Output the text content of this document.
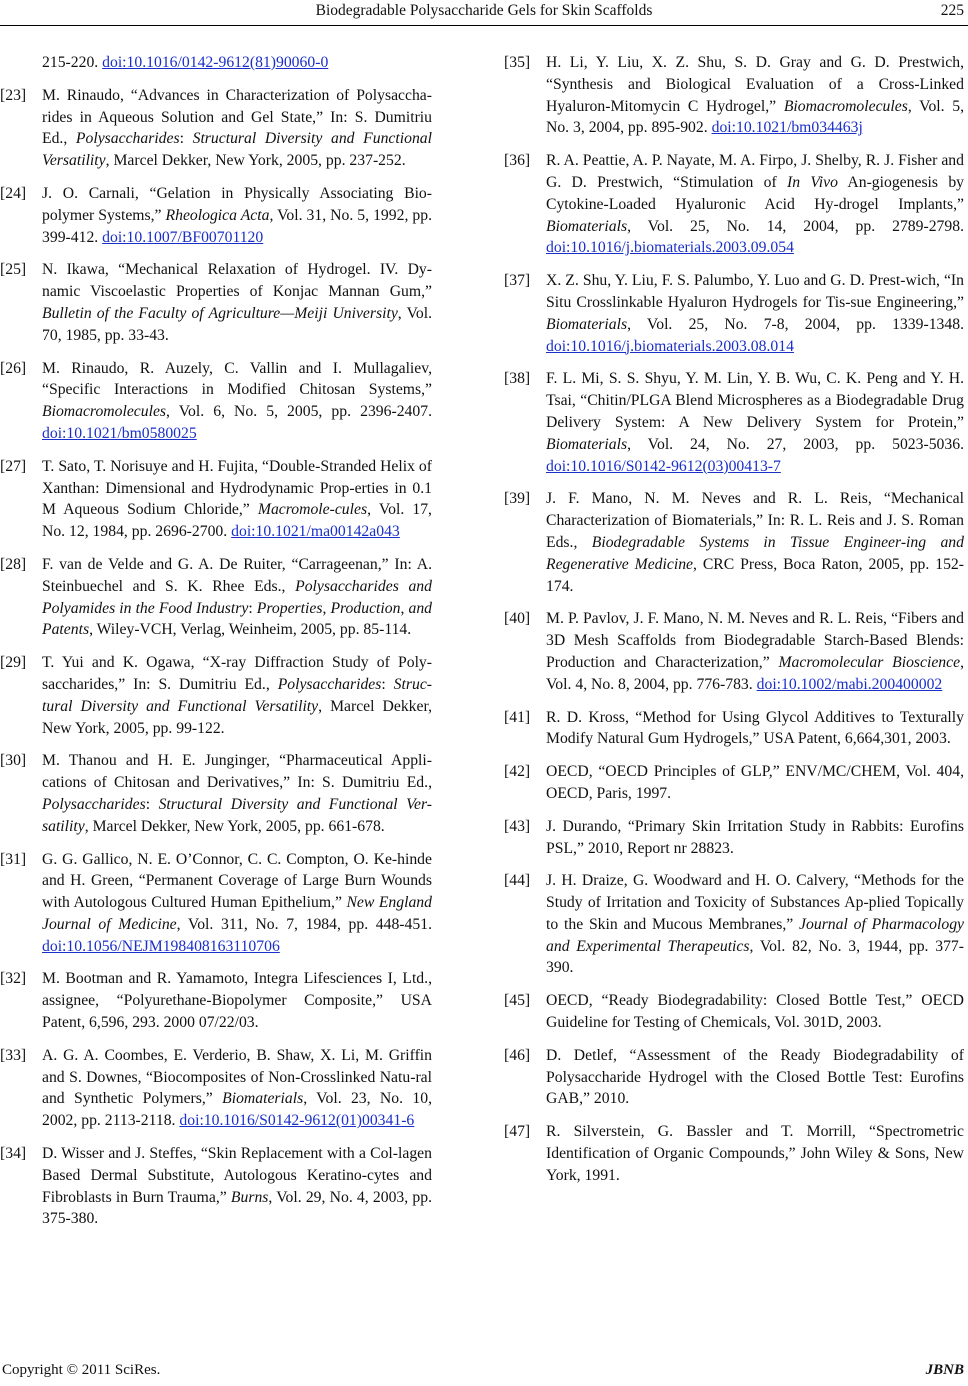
Biodegradable Polysaccharide Gels for Skin Scaffolds	225
215-220. doi:10.1016/0142-9612(81)90060-0
[23] M. Rinaudo, “Advances in Characterization of Polysaccha-rides in Aqueous Solution and Gel State,” In: S. Dumitriu Ed., Polysaccharides: Structural Diversity and Functional Versatility, Marcel Dekker, New York, 2005, pp. 237-252.
[24] J. O. Carnali, “Gelation in Physically Associating Bio-polymer Systems,” Rheologica Acta, Vol. 31, No. 5, 1992, pp. 399-412. doi:10.1007/BF00701120
[25] N. Ikawa, “Mechanical Relaxation of Hydrogel. IV. Dy-namic Viscoelastic Properties of Konjac Mannan Gum,” Bulletin of the Faculty of Agriculture—Meiji University, Vol. 70, 1985, pp. 33-43.
[26] M. Rinaudo, R. Auzely, C. Vallin and I. Mullagaliev, “Specific Interactions in Modified Chitosan Systems,” Biomacromolecules, Vol. 6, No. 5, 2005, pp. 2396-2407. doi:10.1021/bm0580025
[27] T. Sato, T. Norisuye and H. Fujita, “Double-Stranded Helix of Xanthan: Dimensional and Hydrodynamic Prop-erties in 0.1 M Aqueous Sodium Chloride,” Macromole-cules, Vol. 17, No. 12, 1984, pp. 2696-2700. doi:10.1021/ma00142a043
[28] F. van de Velde and G. A. De Ruiter, “Carrageenan,” In: A. Steinbuechel and S. K. Rhee Eds., Polysaccharides and Polyamides in the Food Industry: Properties, Production, and Patents, Wiley-VCH, Verlag, Weinheim, 2005, pp. 85-114.
[29] T. Yui and K. Ogawa, “X-ray Diffraction Study of Poly-saccharides,” In: S. Dumitriu Ed., Polysaccharides: Struc-tural Diversity and Functional Versatility, Marcel Dekker, New York, 2005, pp. 99-122.
[30] M. Thanou and H. E. Junginger, “Pharmaceutical Appli-cations of Chitosan and Derivatives,” In: S. Dumitriu Ed., Polysaccharides: Structural Diversity and Functional Ver-satility, Marcel Dekker, New York, 2005, pp. 661-678.
[31] G. G. Gallico, N. E. O’Connor, C. C. Compton, O. Ke-hinde and H. Green, “Permanent Coverage of Large Burn Wounds with Autologous Cultured Human Epithelium,” New England Journal of Medicine, Vol. 311, No. 7, 1984, pp. 448-451. doi:10.1056/NEJM198408163110706
[32] M. Bootman and R. Yamamoto, Integra Lifesciences I, Ltd., assignee, “Polyurethane-Biopolymer Composite,” USA Patent, 6,596, 293. 2000 07/22/03.
[33] A. G. A. Coombes, E. Verderio, B. Shaw, X. Li, M. Griffin and S. Downes, “Biocomposites of Non-Crosslinked Natu-ral and Synthetic Polymers,” Biomaterials, Vol. 23, No. 10, 2002, pp. 2113-2118. doi:10.1016/S0142-9612(01)00341-6
[34] D. Wisser and J. Steffes, “Skin Replacement with a Col-lagen Based Dermal Substitute, Autologous Keratino-cytes and Fibroblasts in Burn Trauma,” Burns, Vol. 29, No. 4, 2003, pp. 375-380.
[35] H. Li, Y. Liu, X. Z. Shu, S. D. Gray and G. D. Prestwich, “Synthesis and Biological Evaluation of a Cross-Linked Hyaluron-Mitomycin C Hydrogel,” Biomacromolecules, Vol. 5, No. 3, 2004, pp. 895-902. doi:10.1021/bm034463j
[36] R. A. Peattie, A. P. Nayate, M. A. Firpo, J. Shelby, R. J. Fisher and G. D. Prestwich, “Stimulation of In Vivo An-giogenesis by Cytokine-Loaded Hyaluronic Acid Hy-drogel Implants,” Biomaterials, Vol. 25, No. 14, 2004, pp. 2789-2798. doi:10.1016/j.biomaterials.2003.09.054
[37] X. Z. Shu, Y. Liu, F. S. Palumbo, Y. Luo and G. D. Prest-wich, “In Situ Crosslinkable Hyaluron Hydrogels for Tis-sue Engineering,” Biomaterials, Vol. 25, No. 7-8, 2004, pp. 1339-1348. doi:10.1016/j.biomaterials.2003.08.014
[38] F. L. Mi, S. S. Shyu, Y. M. Lin, Y. B. Wu, C. K. Peng and Y. H. Tsai, “Chitin/PLGA Blend Microspheres as a Biodegradable Drug Delivery System: A New Delivery System for Protein,” Biomaterials, Vol. 24, No. 27, 2003, pp. 5023-5036. doi:10.1016/S0142-9612(03)00413-7
[39] J. F. Mano, N. M. Neves and R. L. Reis, “Mechanical Characterization of Biomaterials,” In: R. L. Reis and J. S. Roman Eds., Biodegradable Systems in Tissue Engineer-ing and Regenerative Medicine, CRC Press, Boca Raton, 2005, pp. 152-174.
[40] M. P. Pavlov, J. F. Mano, N. M. Neves and R. L. Reis, “Fibers and 3D Mesh Scaffolds from Biodegradable Starch-Based Blends: Production and Characterization,” Macromolecular Bioscience, Vol. 4, No. 8, 2004, pp. 776-783. doi:10.1002/mabi.200400002
[41] R. D. Kross, “Method for Using Glycol Additives to Texturally Modify Natural Gum Hydrogels,” USA Patent, 6,664,301, 2003.
[42] OECD, “OECD Principles of GLP,” ENV/MC/CHEM, Vol. 404, OECD, Paris, 1997.
[43] J. Durando, “Primary Skin Irritation Study in Rabbits: Eurofins PSL,” 2010, Report nr 28823.
[44] J. H. Draize, G. Woodward and H. O. Calvery, “Methods for the Study of Irritation and Toxicity of Substances Ap-plied Topically to the Skin and Mucous Membranes,” Journal of Pharmacology and Experimental Therapeutics, Vol. 82, No. 3, 1944, pp. 377-390.
[45] OECD, “Ready Biodegradability: Closed Bottle Test,” OECD Guideline for Testing of Chemicals, Vol. 301D, 2003.
[46] D. Detlef, “Assessment of the Ready Biodegradability of Polysaccharide Hydrogel with the Closed Bottle Test: Eurofins GAB,” 2010.
[47] R. Silverstein, G. Bassler and T. Morrill, “Spectrometric Identification of Organic Compounds,” John Wiley & Sons, New York, 1991.
Copyright © 2011 SciRes.	JBNB
